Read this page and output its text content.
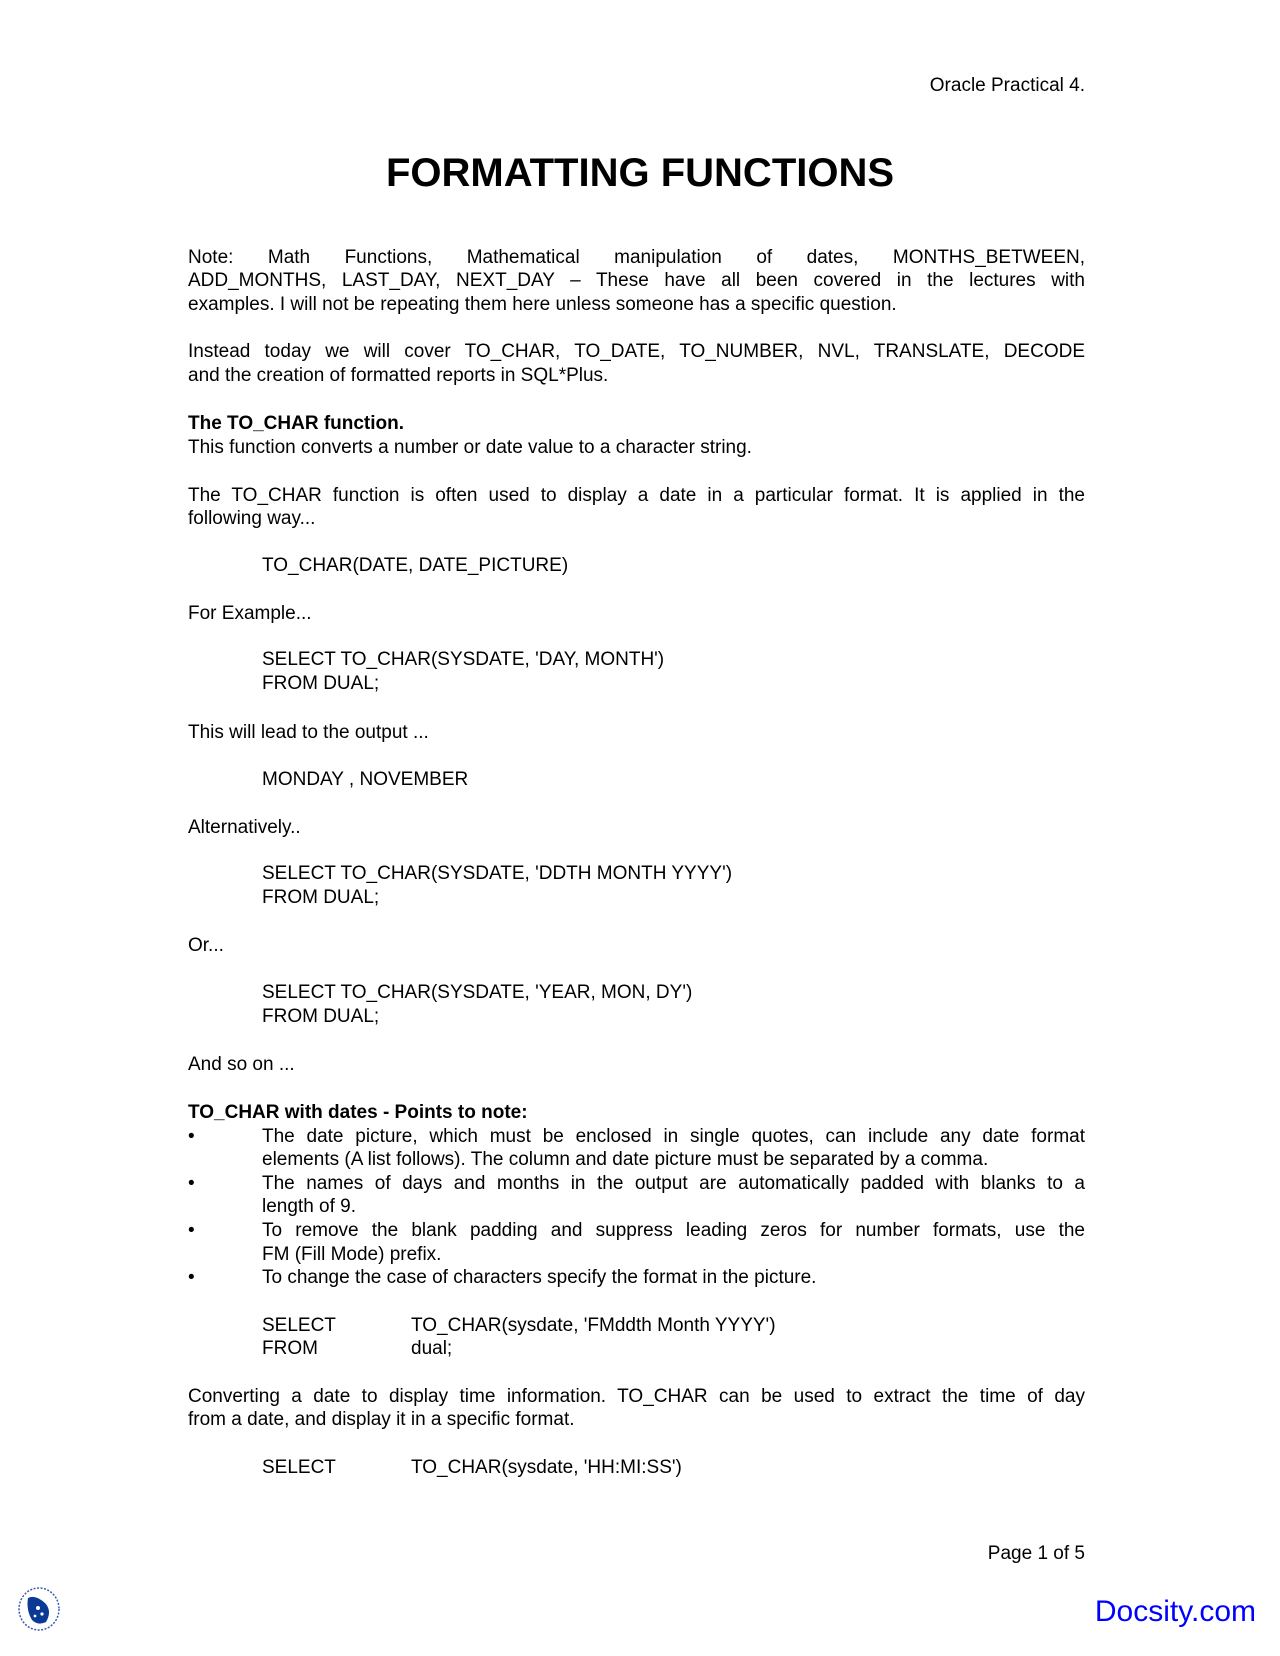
Oracle Practical 4.
FORMATTING FUNCTIONS
Note: Math Functions, Mathematical manipulation of dates, MONTHS_BETWEEN,
ADD_MONTHS, LAST_DAY, NEXT_DAY – These have all been covered in the lectures with
examples. I will not be repeating them here unless someone has a specific question.
Instead today we will cover TO_CHAR, TO_DATE, TO_NUMBER, NVL, TRANSLATE, DECODE
and the creation of formatted reports in SQL*Plus.
The TO_CHAR function.
This function converts a number or date value to a character string.
The TO_CHAR function is often used to display a date in a particular format. It is applied in the
following way...
TO_CHAR(DATE, DATE_PICTURE)
For Example...
SELECT TO_CHAR(SYSDATE, 'DAY, MONTH')
FROM DUAL;
This will lead to the output ...
MONDAY , NOVEMBER
Alternatively..
SELECT TO_CHAR(SYSDATE, 'DDTH MONTH YYYY')
FROM DUAL;
Or...
SELECT TO_CHAR(SYSDATE, 'YEAR, MON, DY')
FROM DUAL;
And so on ...
TO_CHAR with dates - Points to note:
•	The date picture, which must be enclosed in single quotes, can include any date format
elements (A list follows). The column and date picture must be separated by a comma.
•	The names of days and months in the output are automatically padded with blanks to a
length of 9.
•	To remove the blank padding and suppress leading zeros for number formats, use the
FM (Fill Mode) prefix.
•	To change the case of characters specify the format in the picture.
SELECT	TO_CHAR(sysdate, 'FMddth Month YYYY')
FROM	dual;
Converting a date to display time information. TO_CHAR can be used to extract the time of day
from a date, and display it in a specific format.
SELECT	TO_CHAR(sysdate, 'HH:MI:SS')
Page 1 of 5
Docsity.com
